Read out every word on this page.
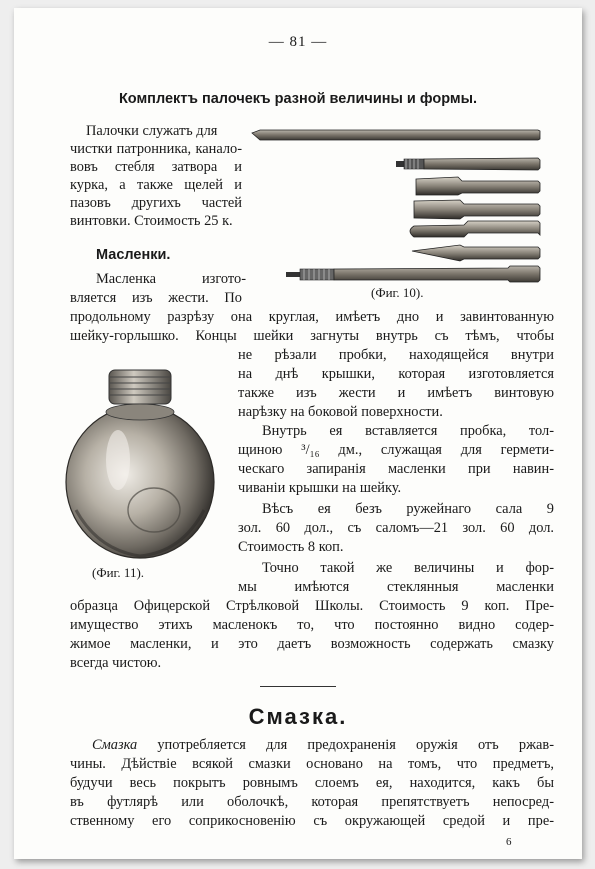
— 81 —
Комплектъ палочекъ разной величины и формы.
Палочки служатъ для
чистки патронника, канало-
вовъ стебля затвора и
курка, а также щелей и
пазовъ другихъ частей
винтовки. Стоимость 25 к.
(Фиг. 10).
Масленки.
Масленка изгото-
вляется изъ жести. По
продольному разрѣзу она круглая, имѣетъ дно и завинтованную
шейку-горлышко. Концы шейки загнуты внутрь съ тѣмъ, чтобы
не рѣзали пробки, находящейся внутри
на днѣ крышки, которая изготовляется
также изъ жести и имѣетъ винтовую
нарѣзку на боковой поверхности.
Внутрь ея вставляется пробка, тол-
щиною ³/₁₆ дм., служащая для гермети-
ческаго запиранія масленки при навин-
чиваніи крышки на шейку.
Вѣсъ ея безъ ружейнаго сала 9
зол. 60 дол., съ саломъ—21 зол. 60 дол.
Стоимость 8 коп.
Точно такой же величины и фор-
мы имѣются стеклянныя масленки
образца Офицерской Стрѣлковой Школы. Стоимость 9 коп. Пре-
имущество этихъ масленокъ то, что постоянно видно содер-
жимое масленки, и это даетъ возможность содержать смазку
всегда чистою.
(Фиг. 11).
Смазка.
Смазка употребляется для предохраненія оружія отъ ржав-
чины. Дѣйствіе всякой смазки основано на томъ, что предметъ,
будучи весь покрытъ ровнымъ слоемъ ея, находится, какъ бы
въ футлярѣ или оболочкѣ, которая препятствуетъ непосред-
ственному его соприкосновенію съ окружающей средой и пре-
6
